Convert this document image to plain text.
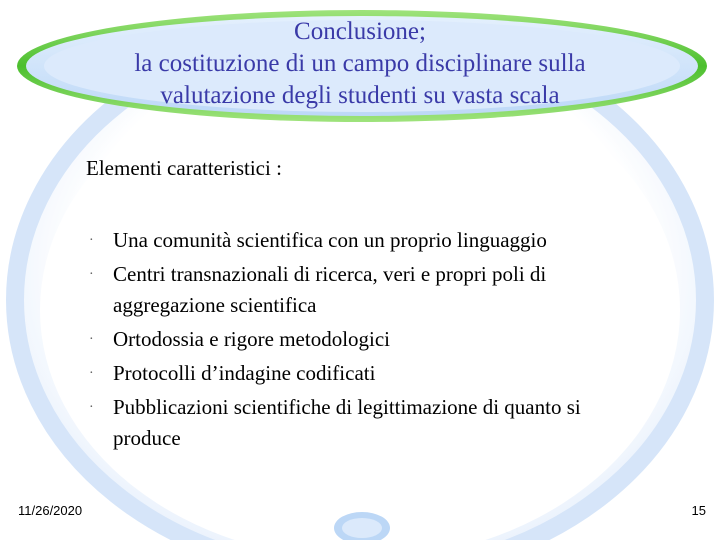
Conclusione;
la costituzione di un campo disciplinare sulla
valutazione degli studenti su vasta scala
Elementi caratteristici :
· Una comunità scientifica con un proprio linguaggio
· Centri transnazionali di ricerca, veri e propri poli di aggregazione scientifica
· Ortodossia e rigore metodologici
· Protocolli d’indagine codificati
· Pubblicazioni scientifiche di legittimazione di quanto si produce
11/26/2020	15
